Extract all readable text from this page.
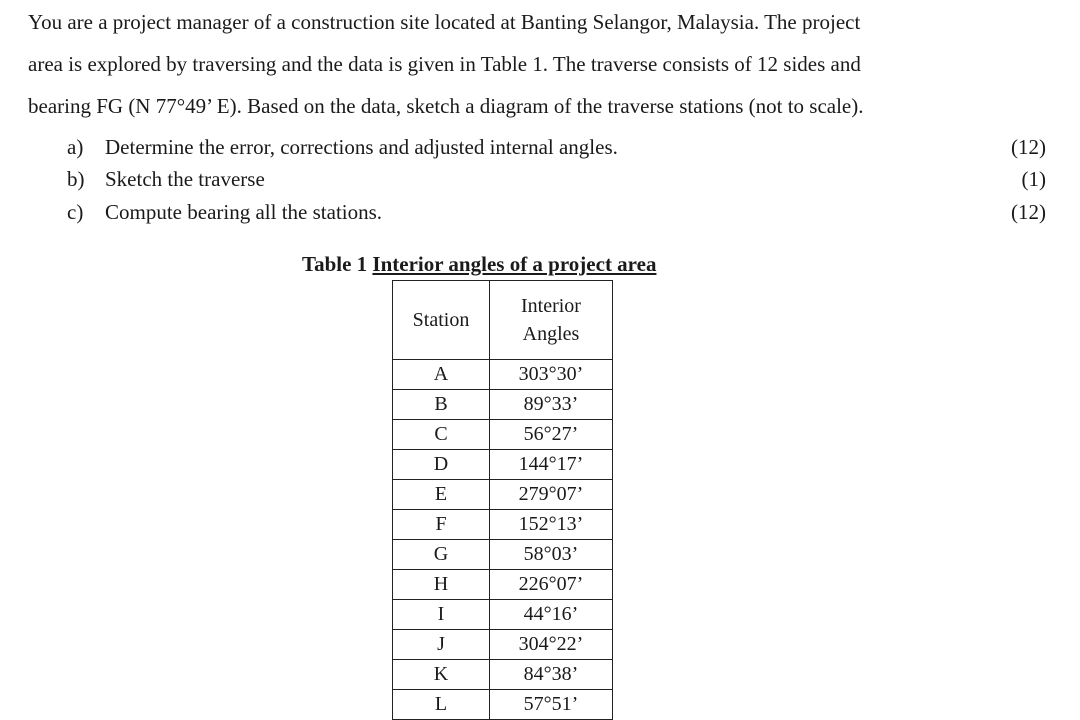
You are a project manager of a construction site located at Banting Selangor, Malaysia. The project
area is explored by traversing and the data is given in Table 1. The traverse consists of 12 sides and
bearing FG (N 77°49’ E). Based on the data, sketch a diagram of the traverse stations (not to scale).
a) Determine the error, corrections and adjusted internal angles.	(12)
b) Sketch the traverse	(1)
c) Compute bearing all the stations.	(12)
Table 1 Interior angles of a project area
Station	Interior
Angles
A	303°30’
B	89°33’
C	56°27’
D	144°17’
E	279°07’
F	152°13’
G	58°03’
H	226°07’
I	44°16’
J	304°22’
K	84°38’
L	57°51’
